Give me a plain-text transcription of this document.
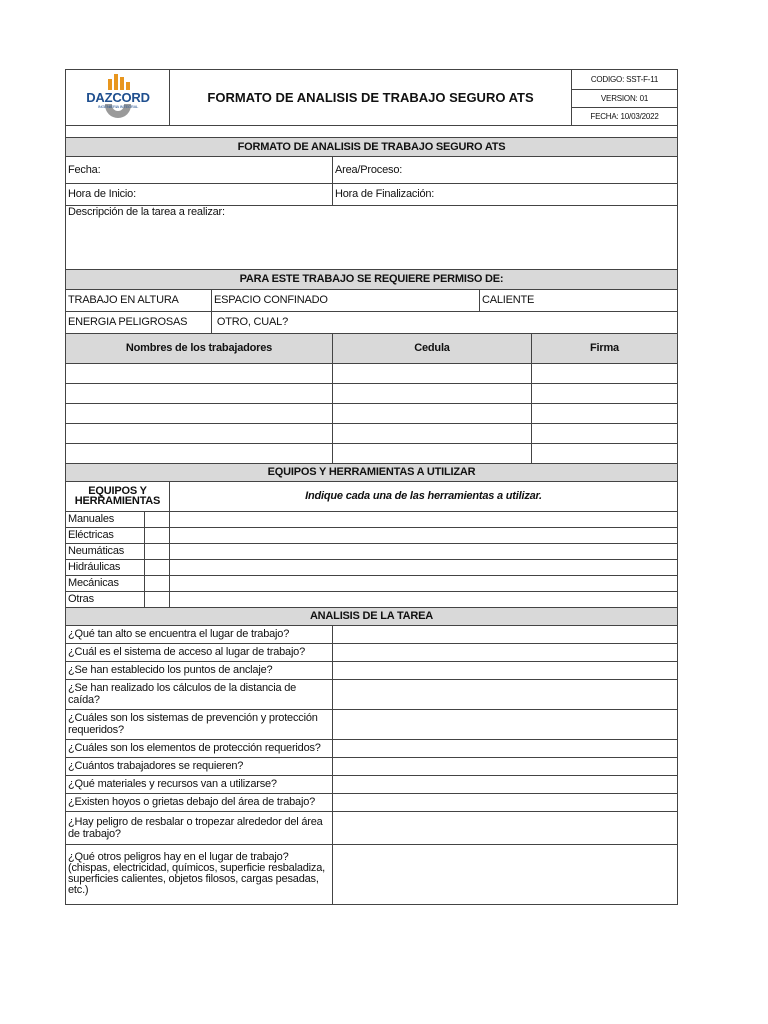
DAZCORD
INGENIERIA INTEGRAL
	FORMATO DE ANALISIS DE TRABAJO SEGURO ATS	CODIGO: SST-F-11
VERSION: 01
FECHA: 10/03/2022

FORMATO DE ANALISIS DE TRABAJO SEGURO ATS						
Fecha:				Area/Proceso:		
Hora de Inicio:				Hora de Finalización:		
Descripción de la tarea a realizar:						
PARA ESTE TRABAJO SE REQUIERE PERMISO DE:						
TRABAJO EN ALTURA			ESPACIO CONFINADO		CALIENTE	
ENERGIA PELIGROSAS			OTRO, CUAL?			
Nombres de los trabajadores				Cedula		Firma

EQUIPOS Y HERRAMIENTAS A UTILIZAR						
EQUIPOS Y
HERRAMIENTAS		Indique cada una de las herramientas a utilizar.				
Manuales						
Eléctricas						
Neumáticas						
Hidráulicas						
Mecánicas						
Otras						
ANALISIS DE LA TAREA						
¿Qué tan alto se encuentra el lugar de trabajo?						
¿Cuál es el sistema de acceso al lugar de trabajo?						
¿Se han establecido los puntos de anclaje?						
¿Se han realizado los cálculos de la distancia de caída?						
¿Cuáles son los sistemas de prevención y protección requeridos?						
¿Cuáles son los elementos de protección requeridos?						
¿Cuántos trabajadores se requieren?						
¿Qué materiales y recursos van a utilizarse?						
¿Existen hoyos o grietas debajo del área de trabajo?						
¿Hay peligro de resbalar o tropezar alrededor del área de trabajo?						
¿Qué otros peligros hay en el lugar de trabajo? (chispas, electricidad, químicos, superficie resbaladiza, superficies calientes, objetos filosos, cargas pesadas, etc.)						
